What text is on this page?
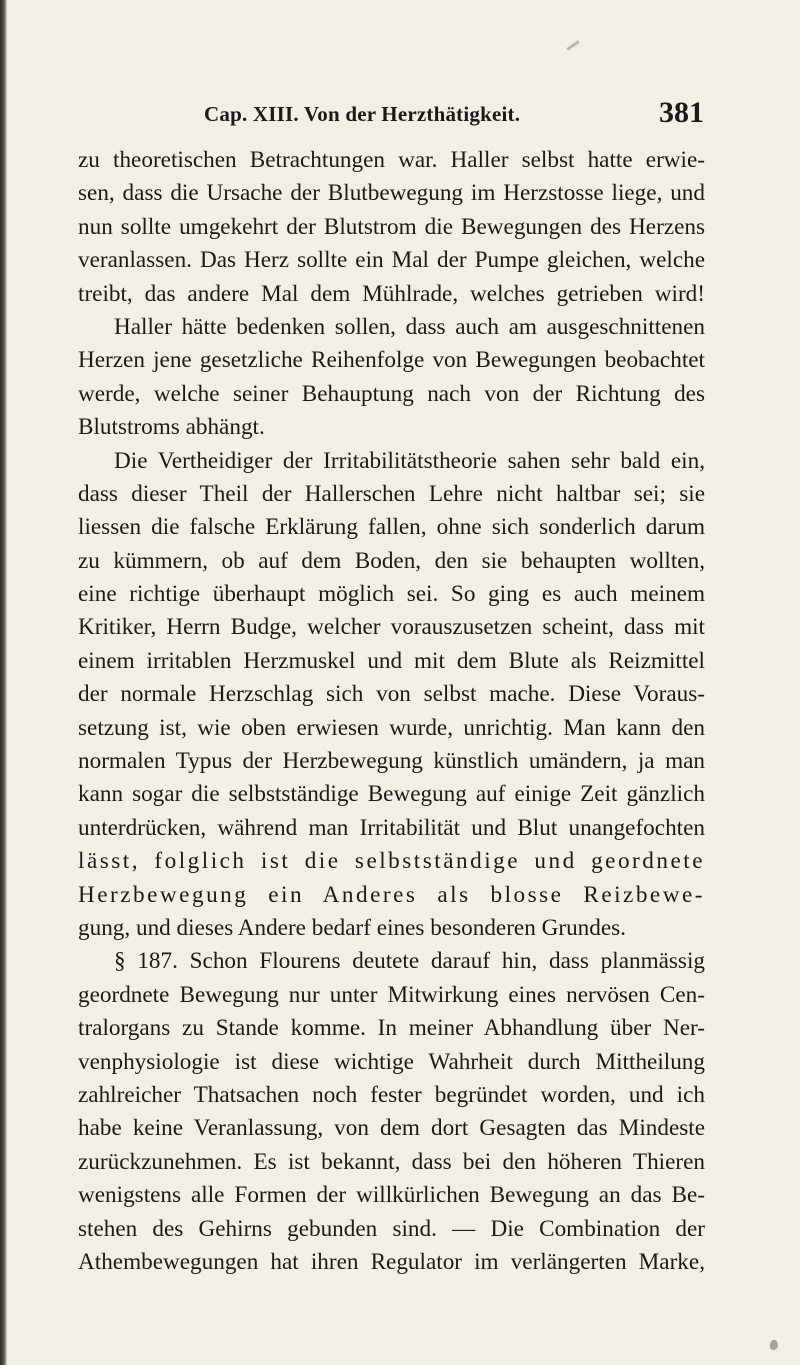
Cap. XIII. Von der Herzthätigkeit.	381
zu theoretischen Betrachtungen war. Haller selbst hatte erwie-
sen, dass die Ursache der Blutbewegung im Herzstosse liege, und
nun sollte umgekehrt der Blutstrom die Bewegungen des Herzens
veranlassen. Das Herz sollte ein Mal der Pumpe gleichen, welche
treibt, das andere Mal dem Mühlrade, welches getrieben wird!
Haller hätte bedenken sollen, dass auch am ausgeschnittenen
Herzen jene gesetzliche Reihenfolge von Bewegungen beobachtet
werde, welche seiner Behauptung nach von der Richtung des
Blutstroms abhängt.
Die Vertheidiger der Irritabilitätstheorie sahen sehr bald ein,
dass dieser Theil der Hallerschen Lehre nicht haltbar sei; sie
liessen die falsche Erklärung fallen, ohne sich sonderlich darum
zu kümmern, ob auf dem Boden, den sie behaupten wollten,
eine richtige überhaupt möglich sei. So ging es auch meinem
Kritiker, Herrn Budge, welcher vorauszusetzen scheint, dass mit
einem irritablen Herzmuskel und mit dem Blute als Reizmittel
der normale Herzschlag sich von selbst mache. Diese Voraus-
setzung ist, wie oben erwiesen wurde, unrichtig. Man kann den
normalen Typus der Herzbewegung künstlich umändern, ja man
kann sogar die selbstständige Bewegung auf einige Zeit gänzlich
unterdrücken, während man Irritabilität und Blut unangefochten
lässt, folglich ist die selbstständige und geordnete
Herzbewegung ein Anderes als blosse Reizbewe-
gung, und dieses Andere bedarf eines besonderen Grundes.
§ 187. Schon Flourens deutete darauf hin, dass planmässig
geordnete Bewegung nur unter Mitwirkung eines nervösen Cen-
tralorgans zu Stande komme. In meiner Abhandlung über Ner-
venphysiologie ist diese wichtige Wahrheit durch Mittheilung
zahlreicher Thatsachen noch fester begründet worden, und ich
habe keine Veranlassung, von dem dort Gesagten das Mindeste
zurückzunehmen. Es ist bekannt, dass bei den höheren Thieren
wenigstens alle Formen der willkürlichen Bewegung an das Be-
stehen des Gehirns gebunden sind. — Die Combination der
Athembewegungen hat ihren Regulator im verlängerten Marke,
